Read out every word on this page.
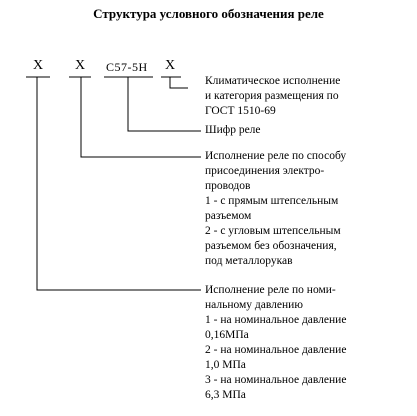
Структура условного обозначения реле
X X С57-5Н X
Климатическое исполнение
и категория размещения по
ГОСТ 1510-69
Шифр реле
Исполнение реле по способу
присоединения электро-
проводов
1 - с прямым штепсельным
разъемом
2 - с угловым штепсельным
разъемом без обозначения,
под металлорукав
Исполнение реле по номи-
нальному давлению
1 - на номинальное давление
0,16МПа
2 - на номинальное давление
1,0 МПа
3 - на номинальное давление
6,3 МПа
